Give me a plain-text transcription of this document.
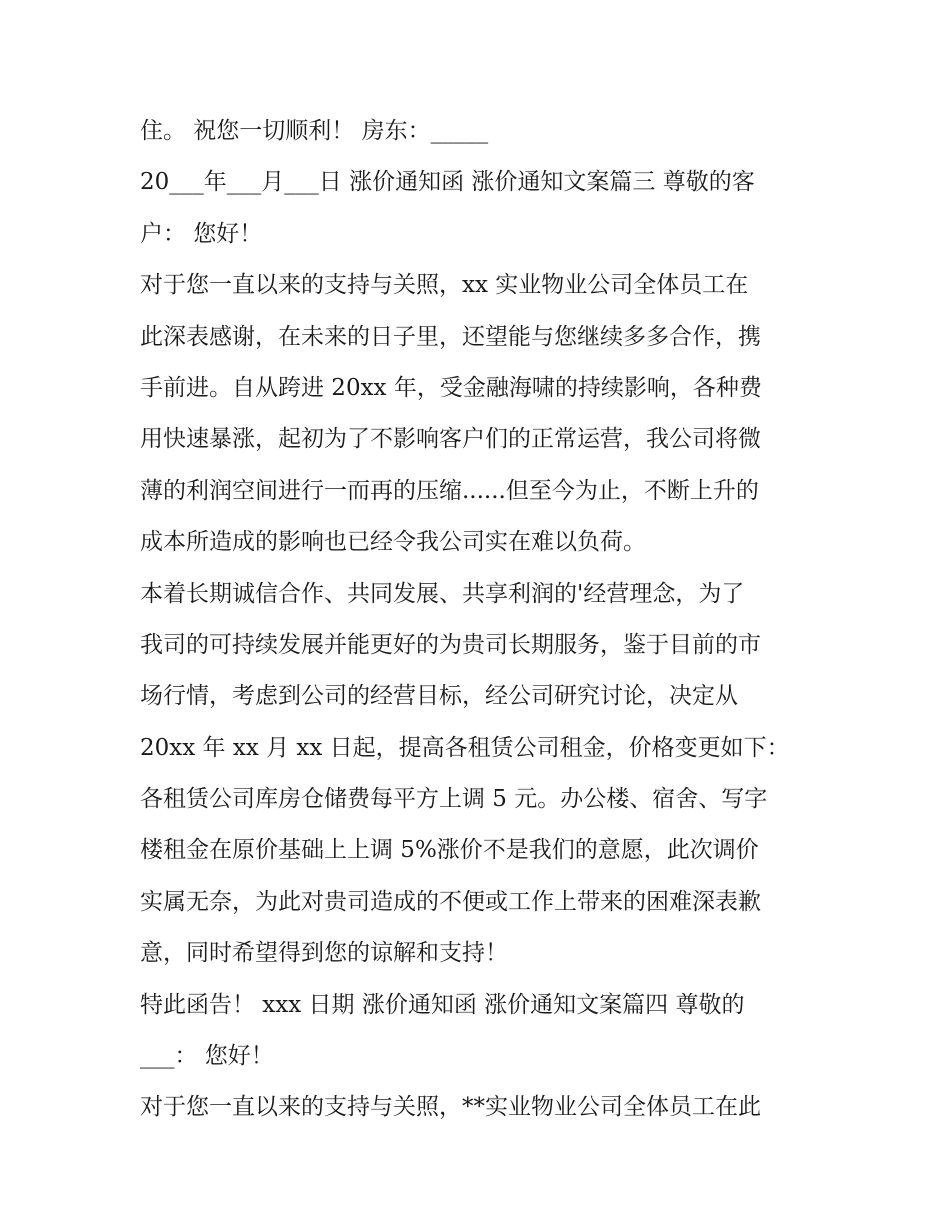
住。 祝您一切顺利！ 房东：_____
20___年___月___日 涨价通知函 涨价通知文案篇三 尊敬的客
户： 您好！
对于您一直以来的支持与关照，xx 实业物业公司全体员工在
此深表感谢，在未来的日子里，还望能与您继续多多合作，携
手前进。自从跨进 20xx 年，受金融海啸的持续影响，各种费
用快速暴涨，起初为了不影响客户们的正常运营，我公司将微
薄的利润空间进行一而再的压缩......但至今为止，不断上升的
成本所造成的影响也已经令我公司实在难以负荷。
本着长期诚信合作、共同发展、共享利润的'经营理念，为了
我司的可持续发展并能更好的为贵司长期服务，鉴于目前的市
场行情，考虑到公司的经营目标，经公司研究讨论，决定从
20xx 年 xx 月 xx 日起，提高各租赁公司租金，价格变更如下：
各租赁公司库房仓储费每平方上调 5 元。办公楼、宿舍、写字
楼租金在原价基础上上调 5%涨价不是我们的意愿，此次调价
实属无奈，为此对贵司造成的不便或工作上带来的困难深表歉
意，同时希望得到您的谅解和支持！
特此函告！ xxx 日期 涨价通知函 涨价通知文案篇四 尊敬的
___： 您好！
对于您一直以来的支持与关照，**实业物业公司全体员工在此
